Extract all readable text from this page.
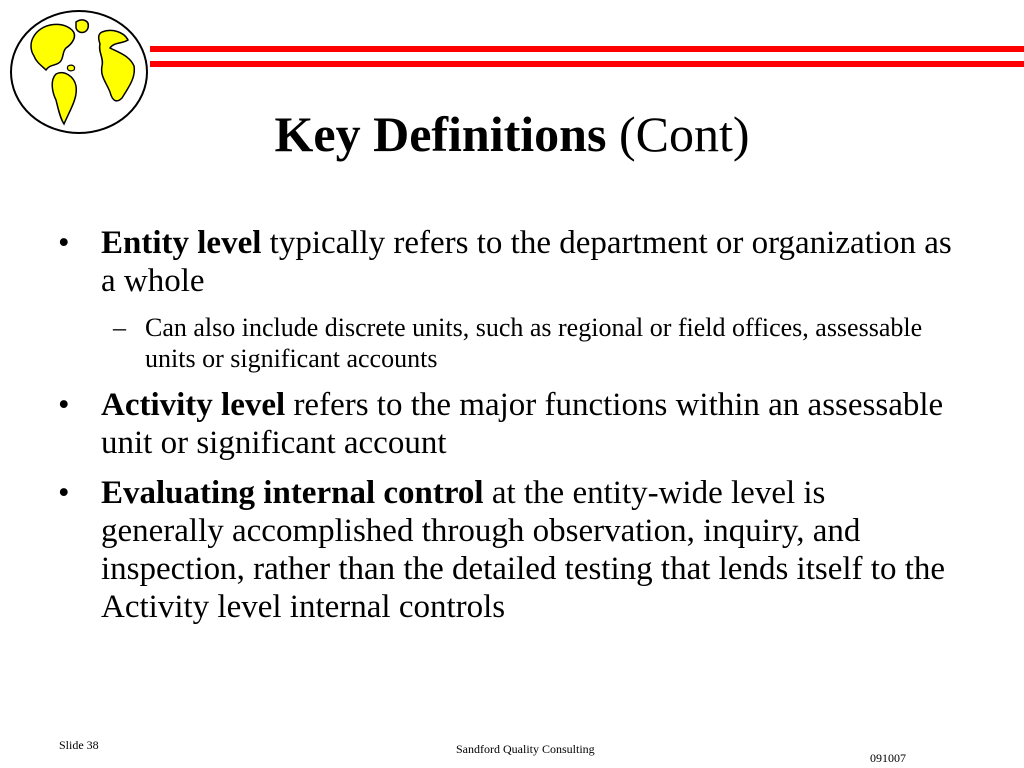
Key Definitions (Cont)
• Entity level typically refers to the department or organization as a whole
– Can also include discrete units, such as regional or field offices, assessable units or significant accounts
• Activity level refers to the major functions within an assessable unit or significant account
• Evaluating internal control at the entity-wide level is generally accomplished through observation, inquiry, and inspection, rather than the detailed testing that lends itself to the Activity level internal controls
Slide 38	Sandford Quality Consulting
091007
